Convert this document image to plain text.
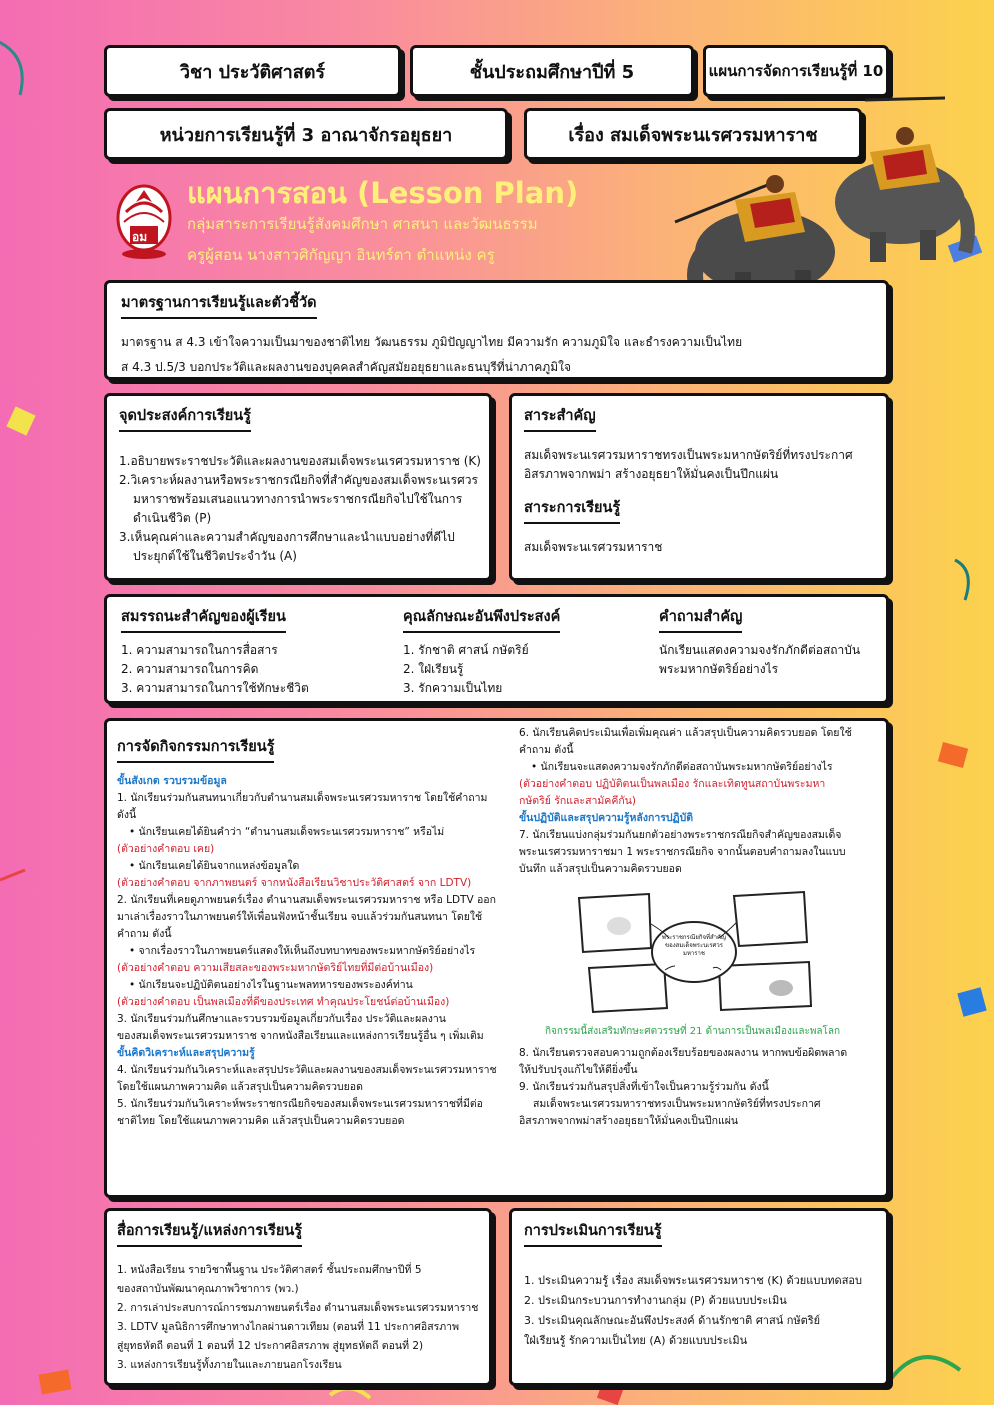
วิชา ประวัติศาสตร์	ชั้นประถมศึกษาปีที่ 5	แผนการจัดการเรียนรู้ที่ 10
หน่วยการเรียนรู้ที่ 3 อาณาจักรอยุธยา	เรื่อง สมเด็จพระนเรศวรมหาราช
อม
แผนการสอน (Lesson Plan)
กลุ่มสาระการเรียนรู้สังคมศึกษา ศาสนา และวัฒนธรรม
ครูผู้สอน นางสาวศิกัญญา อินทร์ตา ตำแหน่ง ครู
มาตรฐานการเรียนรู้และตัวชี้วัด
มาตรฐาน ส 4.3 เข้าใจความเป็นมาของชาติไทย วัฒนธรรม ภูมิปัญญาไทย มีความรัก ความภูมิใจ และธำรงความเป็นไทย
ส 4.3 ป.5/3 บอกประวัติและผลงานของบุคคลสำคัญสมัยอยุธยาและธนบุรีที่น่าภาคภูมิใจ
จุดประสงค์การเรียนรู้
1.อธิบายพระราชประวัติและผลงานของสมเด็จพระนเรศวรมหาราช (K)
2.วิเคราะห์ผลงานหรือพระราชกรณียกิจที่สำคัญของสมเด็จพระนเรศวร
มหาราชพร้อมเสนอแนวทางการนำพระราชกรณียกิจไปใช้ในการ
ดำเนินชีวิต (P)
3.เห็นคุณค่าและความสำคัญของการศึกษาและนำแบบอย่างที่ดีไป
ประยุกต์ใช้ในชีวิตประจำวัน (A)
สาระสำคัญ
สมเด็จพระนเรศวรมหาราชทรงเป็นพระมหากษัตริย์ที่ทรงประกาศอิสรภาพจากพม่า สร้างอยุธยาให้มั่นคงเป็นปึกแผ่น
สาระการเรียนรู้
สมเด็จพระนเรศวรมหาราช
สมรรถนะสำคัญของผู้เรียน
1. ความสามารถในการสื่อสาร
2. ความสามารถในการคิด
3. ความสามารถในการใช้ทักษะชีวิต
คุณลักษณะอันพึงประสงค์
1. รักชาติ ศาสน์ กษัตริย์
2. ใฝ่เรียนรู้
3. รักความเป็นไทย
คำถามสำคัญ
นักเรียนแสดงความจงรักภักดีต่อสถาบันพระมหากษัตริย์อย่างไร
การจัดกิจกรรมการเรียนรู้
ขั้นสังเกต รวบรวมข้อมูล
1. นักเรียนร่วมกันสนทนาเกี่ยวกับตำนานสมเด็จพระนเรศวรมหาราช โดยใช้คำถาม
ดังนี้
• นักเรียนเคยได้ยินคำว่า “ตำนานสมเด็จพระนเรศวรมหาราช” หรือไม่
(ตัวอย่างคำตอบ เคย)
• นักเรียนเคยได้ยินจากแหล่งข้อมูลใด
(ตัวอย่างคำตอบ จากภาพยนตร์ จากหนังสือเรียนวิชาประวัติศาสตร์ จาก LDTV)
2. นักเรียนที่เคยดูภาพยนตร์เรื่อง ตำนานสมเด็จพระนเรศวรมหาราช หรือ LDTV ออก
มาเล่าเรื่องราวในภาพยนตร์ให้เพื่อนฟังหน้าชั้นเรียน จบแล้วร่วมกันสนทนา โดยใช้
คำถาม ดังนี้
• จากเรื่องราวในภาพยนตร์แสดงให้เห็นถึงบทบาทของพระมหากษัตริย์อย่างไร
(ตัวอย่างคำตอบ ความเสียสละของพระมหากษัตริย์ไทยที่มีต่อบ้านเมือง)
• นักเรียนจะปฏิบัติตนอย่างไรในฐานะพลทหารของพระองค์ท่าน
(ตัวอย่างคำตอบ เป็นพลเมืองที่ดีของประเทศ ทำคุณประโยชน์ต่อบ้านเมือง)
3. นักเรียนร่วมกันศึกษาและรวบรวมข้อมูลเกี่ยวกับเรื่อง ประวัติและผลงาน
ของสมเด็จพระนเรศวรมหาราช จากหนังสือเรียนและแหล่งการเรียนรู้อื่น ๆ เพิ่มเติม
ขั้นคิดวิเคราะห์และสรุปความรู้
4. นักเรียนร่วมกันวิเคราะห์และสรุปประวัติและผลงานของสมเด็จพระนเรศวรมหาราช
โดยใช้แผนภาพความคิด แล้วสรุปเป็นความคิดรวบยอด
5. นักเรียนร่วมกันวิเคราะห์พระราชกรณียกิจของสมเด็จพระนเรศวรมหาราชที่มีต่อ
ชาติไทย โดยใช้แผนภาพความคิด แล้วสรุปเป็นความคิดรวบยอด
6. นักเรียนคิดประเมินเพื่อเพิ่มคุณค่า แล้วสรุปเป็นความคิดรวบยอด โดยใช้
คำถาม ดังนี้
• นักเรียนจะแสดงความจงรักภักดีต่อสถาบันพระมหากษัตริย์อย่างไร
(ตัวอย่างคำตอบ ปฏิบัติตนเป็นพลเมือง รักและเทิดทูนสถาบันพระมหา
กษัตริย์ รักและสามัคคีกัน)
ขั้นปฏิบัติและสรุปความรู้หลังการปฏิบัติ
7. นักเรียนแบ่งกลุ่มร่วมกันยกตัวอย่างพระราชกรณียกิจสำคัญของสมเด็จ
พระนเรศวรมหาราชมา 1 พระราชกรณียกิจ จากนั้นตอบคำถามลงในแบบ
บันทึก แล้วสรุปเป็นความคิดรวบยอด
พระราชกรณียกิจที่สำคัญของสมเด็จพระนเรศวรมหาราช
กิจกรรมนี้ส่งเสริมทักษะศตวรรษที่ 21 ด้านการเป็นพลเมืองและพลโลก
8. นักเรียนตรวจสอบความถูกต้องเรียบร้อยของผลงาน หากพบข้อผิดพลาด
ให้ปรับปรุงแก้ไขให้ดียิ่งขึ้น
9. นักเรียนร่วมกันสรุปสิ่งที่เข้าใจเป็นความรู้ร่วมกัน ดังนี้
สมเด็จพระนเรศวรมหาราชทรงเป็นพระมหากษัตริย์ที่ทรงประกาศ
อิสรภาพจากพม่าสร้างอยุธยาให้มั่นคงเป็นปึกแผ่น
สื่อการเรียนรู้/แหล่งการเรียนรู้
1. หนังสือเรียน รายวิชาพื้นฐาน ประวัติศาสตร์ ชั้นประถมศึกษาปีที่ 5
ของสถาบันพัฒนาคุณภาพวิชาการ (พว.)
2. การเล่าประสบการณ์การชมภาพยนตร์เรื่อง ตำนานสมเด็จพระนเรศวรมหาราช
3. LDTV มูลนิธิการศึกษาทางไกลผ่านดาวเทียม (ตอนที่ 11 ประกาศอิสรภาพ
สู่ยุทธหัตถี ตอนที่ 1 ตอนที่ 12 ประกาศอิสรภาพ สู่ยุทธหัตถี ตอนที่ 2)
3. แหล่งการเรียนรู้ทั้งภายในและภายนอกโรงเรียน
การประเมินการเรียนรู้
1. ประเมินความรู้ เรื่อง สมเด็จพระนเรศวรมหาราช (K) ด้วยแบบทดสอบ
2. ประเมินกระบวนการทำงานกลุ่ม (P) ด้วยแบบประเมิน
3. ประเมินคุณลักษณะอันพึงประสงค์ ด้านรักชาติ ศาสน์ กษัตริย์
ใฝ่เรียนรู้ รักความเป็นไทย (A) ด้วยแบบประเมิน
